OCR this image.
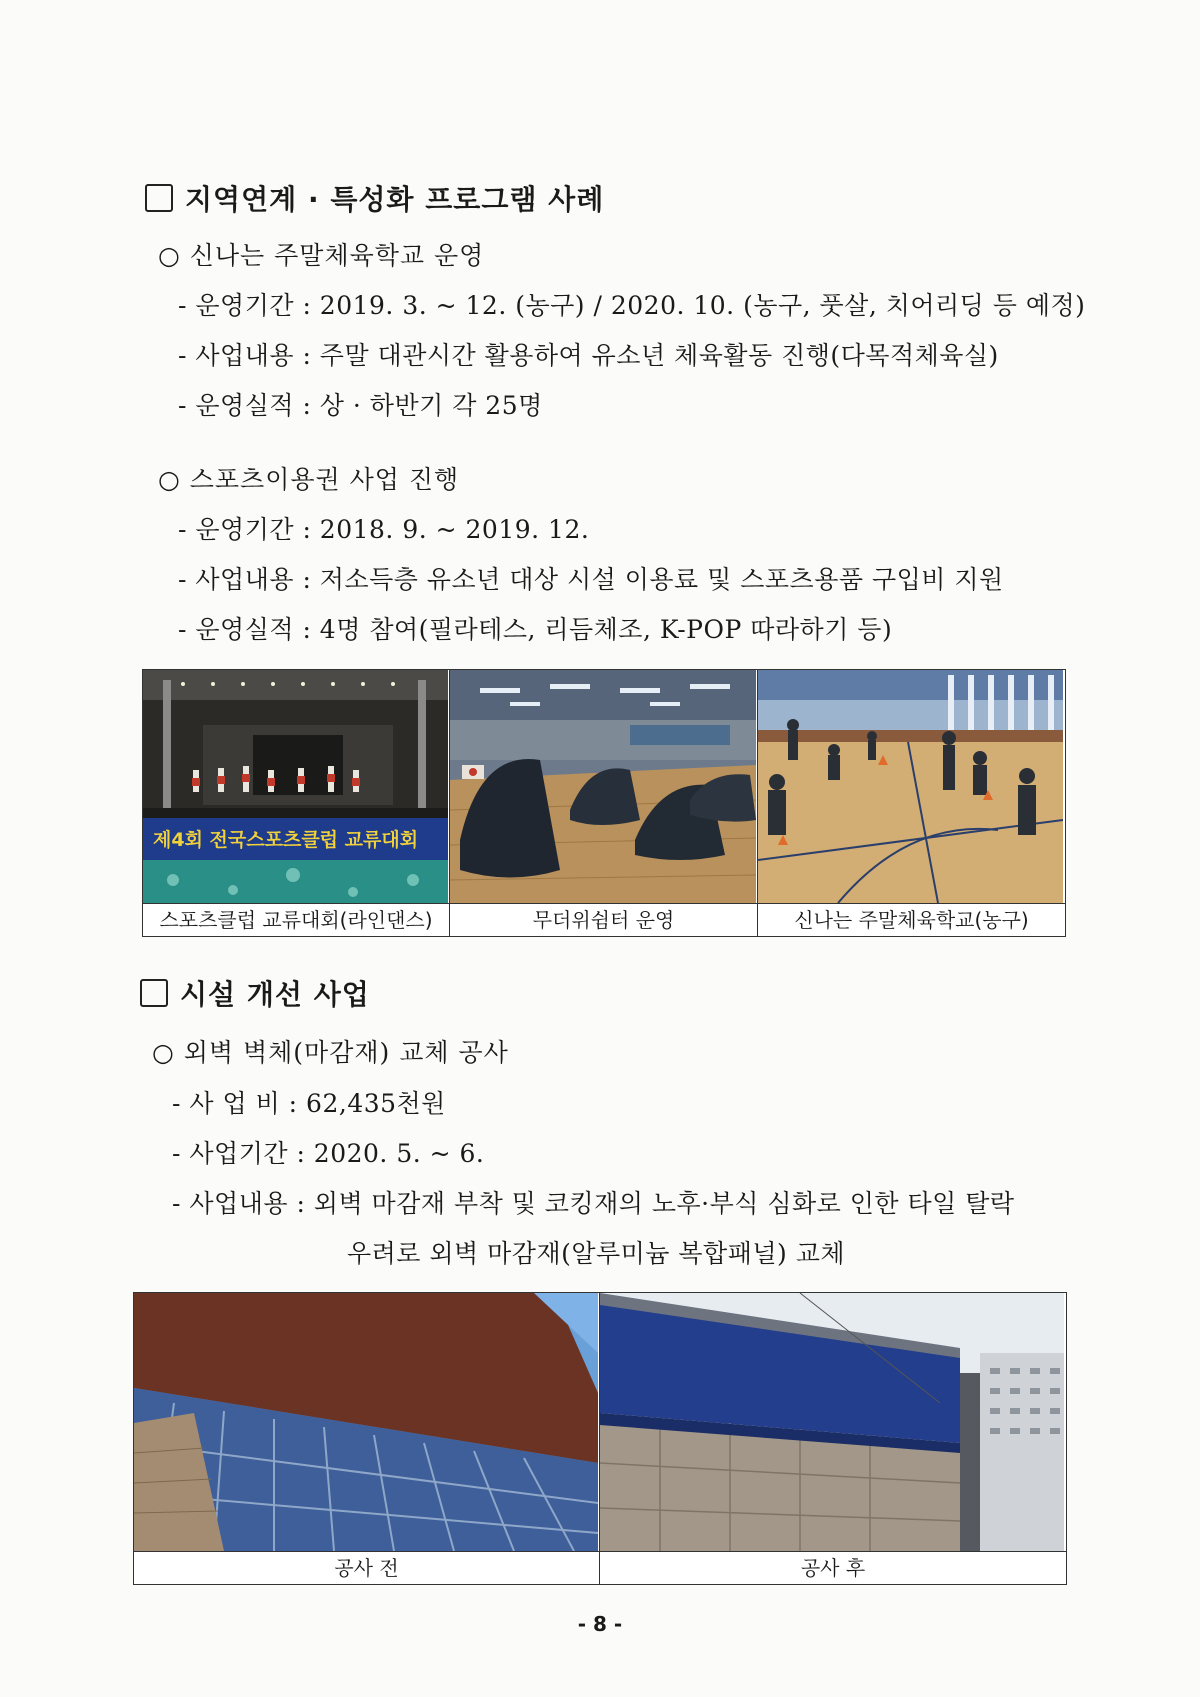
지역연계 · 특성화 프로그램 사례
○ 신나는 주말체육학교 운영
- 운영기간 : 2019. 3. ~ 12. (농구) / 2020. 10. (농구, 풋살, 치어리딩 등 예정)
- 사업내용 : 주말 대관시간 활용하여 유소년 체육활동 진행(다목적체육실)
- 운영실적 : 상 · 하반기 각 25명
○ 스포츠이용권 사업 진행
- 운영기간 : 2018. 9. ~ 2019. 12.
- 사업내용 : 저소득층 유소년 대상 시설 이용료 및 스포츠용품 구입비 지원
- 운영실적 : 4명 참여(필라테스, 리듬체조, K-POP 따라하기 등)
제4회 전국스포츠클럽 교류대회
스포츠클럽 교류대회(라인댄스)	무더위쉼터 운영	신나는 주말체육학교(농구)
시설 개선 사업
○ 외벽 벽체(마감재) 교체 공사
- 사 업 비 : 62,435천원
- 사업기간 : 2020. 5. ~ 6.
- 사업내용 : 외벽 마감재 부착 및 코킹재의 노후·부식 심화로 인한 타일 탈락
우려로 외벽 마감재(알루미늄 복합패널) 교체
공사 전	공사 후
- 8 -
